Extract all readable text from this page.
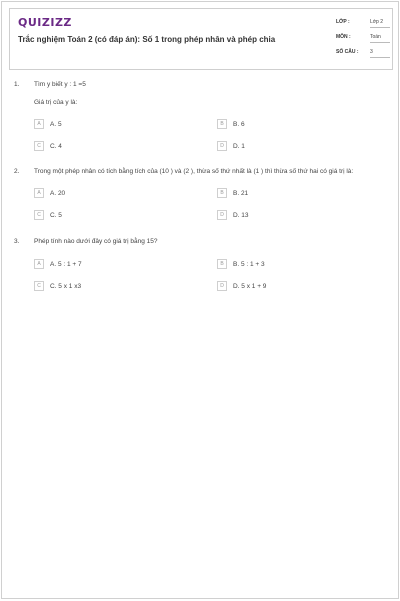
QUIZIZZ
Trắc nghiệm Toán 2 (có đáp án): Số 1 trong phép nhân và phép chia
LỚP :	Lớp 2
MÔN :	Toán
SỐ CÂU : 3
1. Tìm y biết y : 1 =5
Giá trị của y là:
A	A. 5	B	B. 6
C	C. 4	D	D. 1
2. Trong một phép nhân có tích bằng tích của (10 ) và (2 ), thừa số thứ nhất là (1 ) thì thừa số thứ hai có giá trị là:
A	A. 20	B	B. 21
C	C. 5	D	D. 13
3. Phép tính nào dưới đây có giá trị bằng 15?
A	A. 5 : 1 + 7	B	B. 5 : 1 + 3
C	C. 5 x 1 x3	D	D. 5 x 1 + 9
